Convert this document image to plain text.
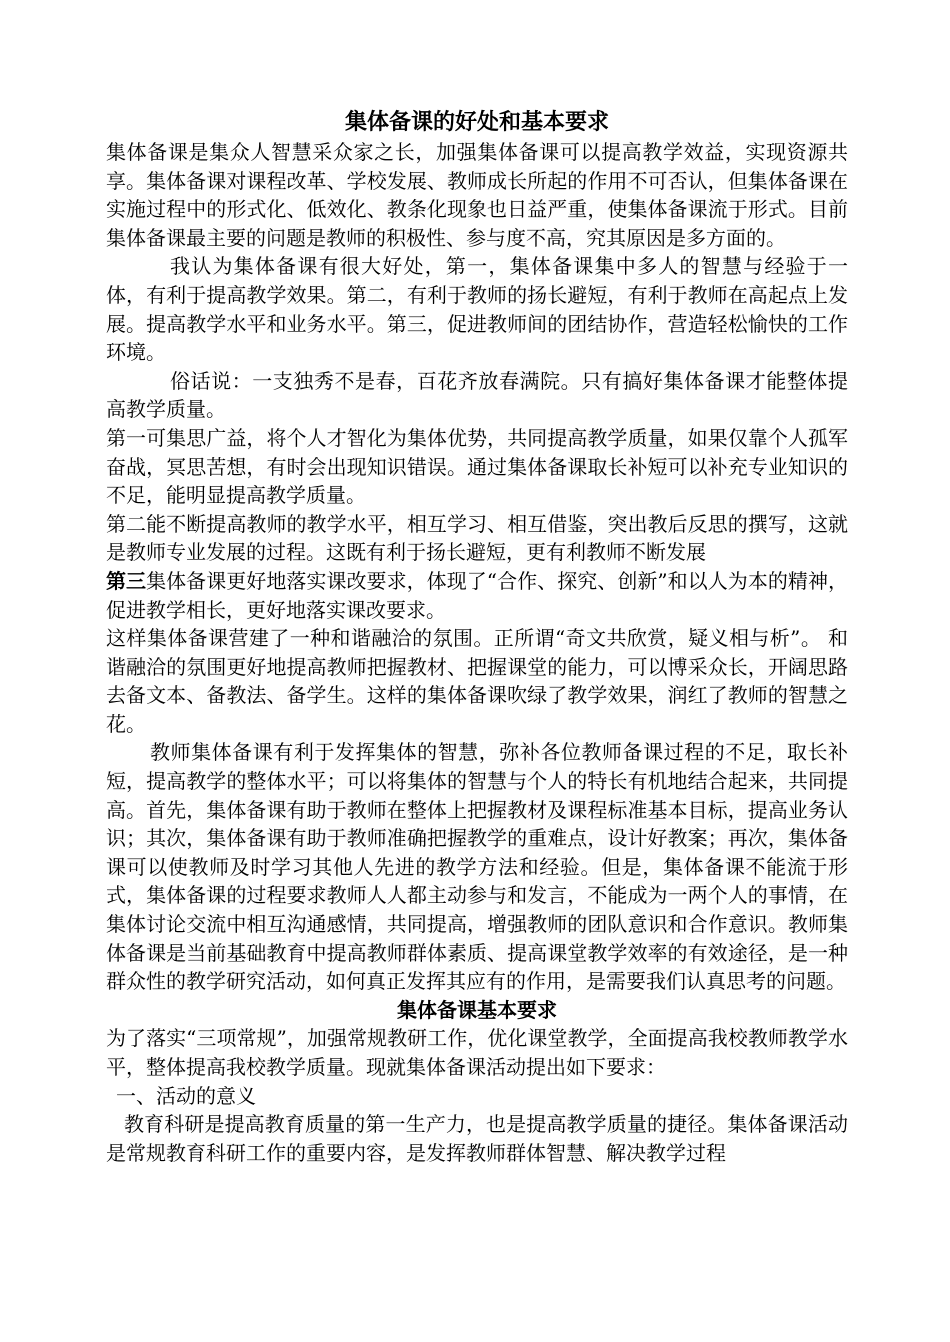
集体备课的好处和基本要求

集体备课是集众人智慧采众家之长，加强集体备课可以提高教学效益，实现资源共享。集体备课对课程改革、学校发展、教师成长所起的作用不可否认，但集体备课在实施过程中的形式化、低效化、教条化现象也日益严重，使集体备课流于形式。目前集体备课最主要的问题是教师的积极性、参与度不高，究其原因是多方面的。

我认为集体备课有很大好处，第一，集体备课集中多人的智慧与经验于一体，有利于提高教学效果。第二，有利于教师的扬长避短，有利于教师在高起点上发展。提高教学水平和业务水平。第三，促进教师间的团结协作，营造轻松愉快的工作环境。

俗话说：一支独秀不是春，百花齐放春满院。只有搞好集体备课才能整体提高教学质量。

第一可集思广益，将个人才智化为集体优势，共同提高教学质量，如果仅靠个人孤军奋战，冥思苦想，有时会出现知识错误。通过集体备课取长补短可以补充专业知识的不足，能明显提高教学质量。

第二能不断提高教师的教学水平，相互学习、相互借鉴，突出教后反思的撰写，这就是教师专业发展的过程。这既有利于扬长避短，更有利教师不断发展

第三集体备课更好地落实课改要求，体现了“合作、探究、创新”和以人为本的精神，促进教学相长，更好地落实课改要求。

这样集体备课营建了一种和谐融洽的氛围。正所谓“奇文共欣赏，疑义相与析”。 和谐融洽的氛围更好地提高教师把握教材、把握课堂的能力，可以博采众长，开阔思路去备文本、备教法、备学生。这样的集体备课吹绿了教学效果，润红了教师的智慧之花。

教师集体备课有利于发挥集体的智慧，弥补各位教师备课过程的不足，取长补短，提高教学的整体水平；可以将集体的智慧与个人的特长有机地结合起来，共同提高。首先，集体备课有助于教师在整体上把握教材及课程标准基本目标，提高业务认识；其次，集体备课有助于教师准确把握教学的重难点，设计好教案；再次，集体备课可以使教师及时学习其他人先进的教学方法和经验。但是，集体备课不能流于形式，集体备课的过程要求教师人人都主动参与和发言，不能成为一两个人的事情，在集体讨论交流中相互沟通感情，共同提高，增强教师的团队意识和合作意识。教师集体备课是当前基础教育中提高教师群体素质、提高课堂教学效率的有效途径，是一种群众性的教学研究活动，如何真正发挥其应有的作用，是需要我们认真思考的问题。

集体备课基本要求

为了落实“三项常规”，加强常规教研工作，优化课堂教学，全面提高我校教师教学水平，整体提高我校教学质量。现就集体备课活动提出如下要求：

一、活动的意义

教育科研是提高教育质量的第一生产力，也是提高教学质量的捷径。集体备课活动是常规教育科研工作的重要内容，是发挥教师群体智慧、解决教学过程
